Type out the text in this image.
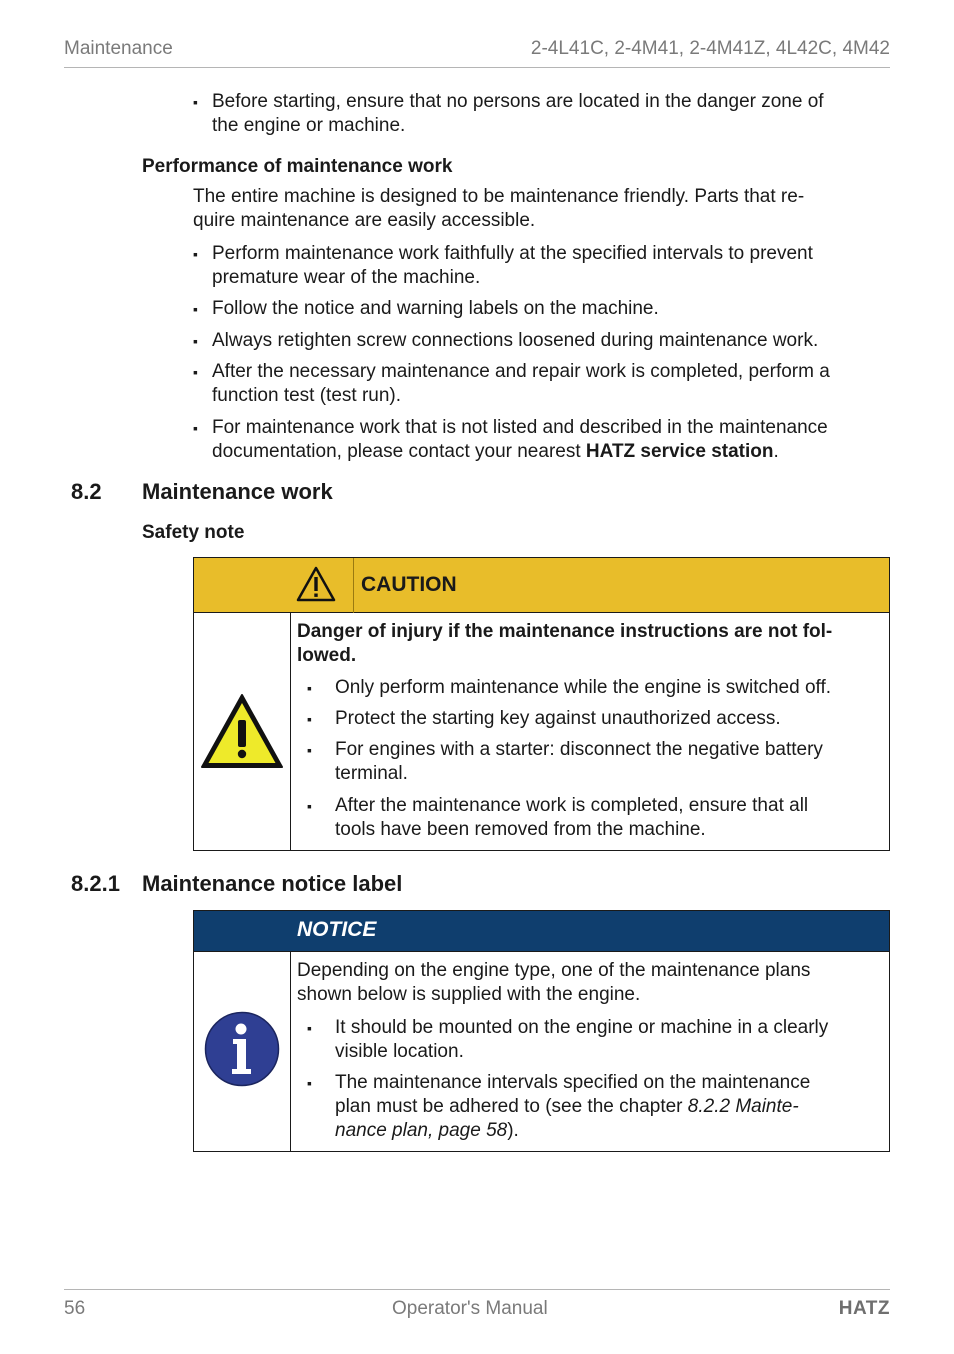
Maintenance	2-4L41C, 2-4M41, 2-4M41Z, 4L42C, 4M42
▪ Before starting, ensure that no persons are located in the danger zone of
the engine or machine.
Performance of maintenance work
The entire machine is designed to be maintenance friendly. Parts that re-
quire maintenance are easily accessible.
▪ Perform maintenance work faithfully at the specified intervals to prevent
premature wear of the machine.
▪ Follow the notice and warning labels on the machine.
▪ Always retighten screw connections loosened during maintenance work.
▪ After the necessary maintenance and repair work is completed, perform a
function test (test run).
▪ For maintenance work that is not listed and described in the maintenance
documentation, please contact your nearest HATZ service station.
8.2 Maintenance work
Safety note
CAUTION
Danger of injury if the maintenance instructions are not fol-
lowed.
▪ Only perform maintenance while the engine is switched off.
▪ Protect the starting key against unauthorized access.
▪ For engines with a starter: disconnect the negative battery
terminal.
▪ After the maintenance work is completed, ensure that all
tools have been removed from the machine.
8.2.1 Maintenance notice label
NOTICE
Depending on the engine type, one of the maintenance plans
shown below is supplied with the engine.
▪ It should be mounted on the engine or machine in a clearly
visible location.
▪ The maintenance intervals specified on the maintenance
plan must be adhered to (see the chapter 8.2.2 Mainte-
nance plan, page 58).
56	Operator's Manual	HATZ
